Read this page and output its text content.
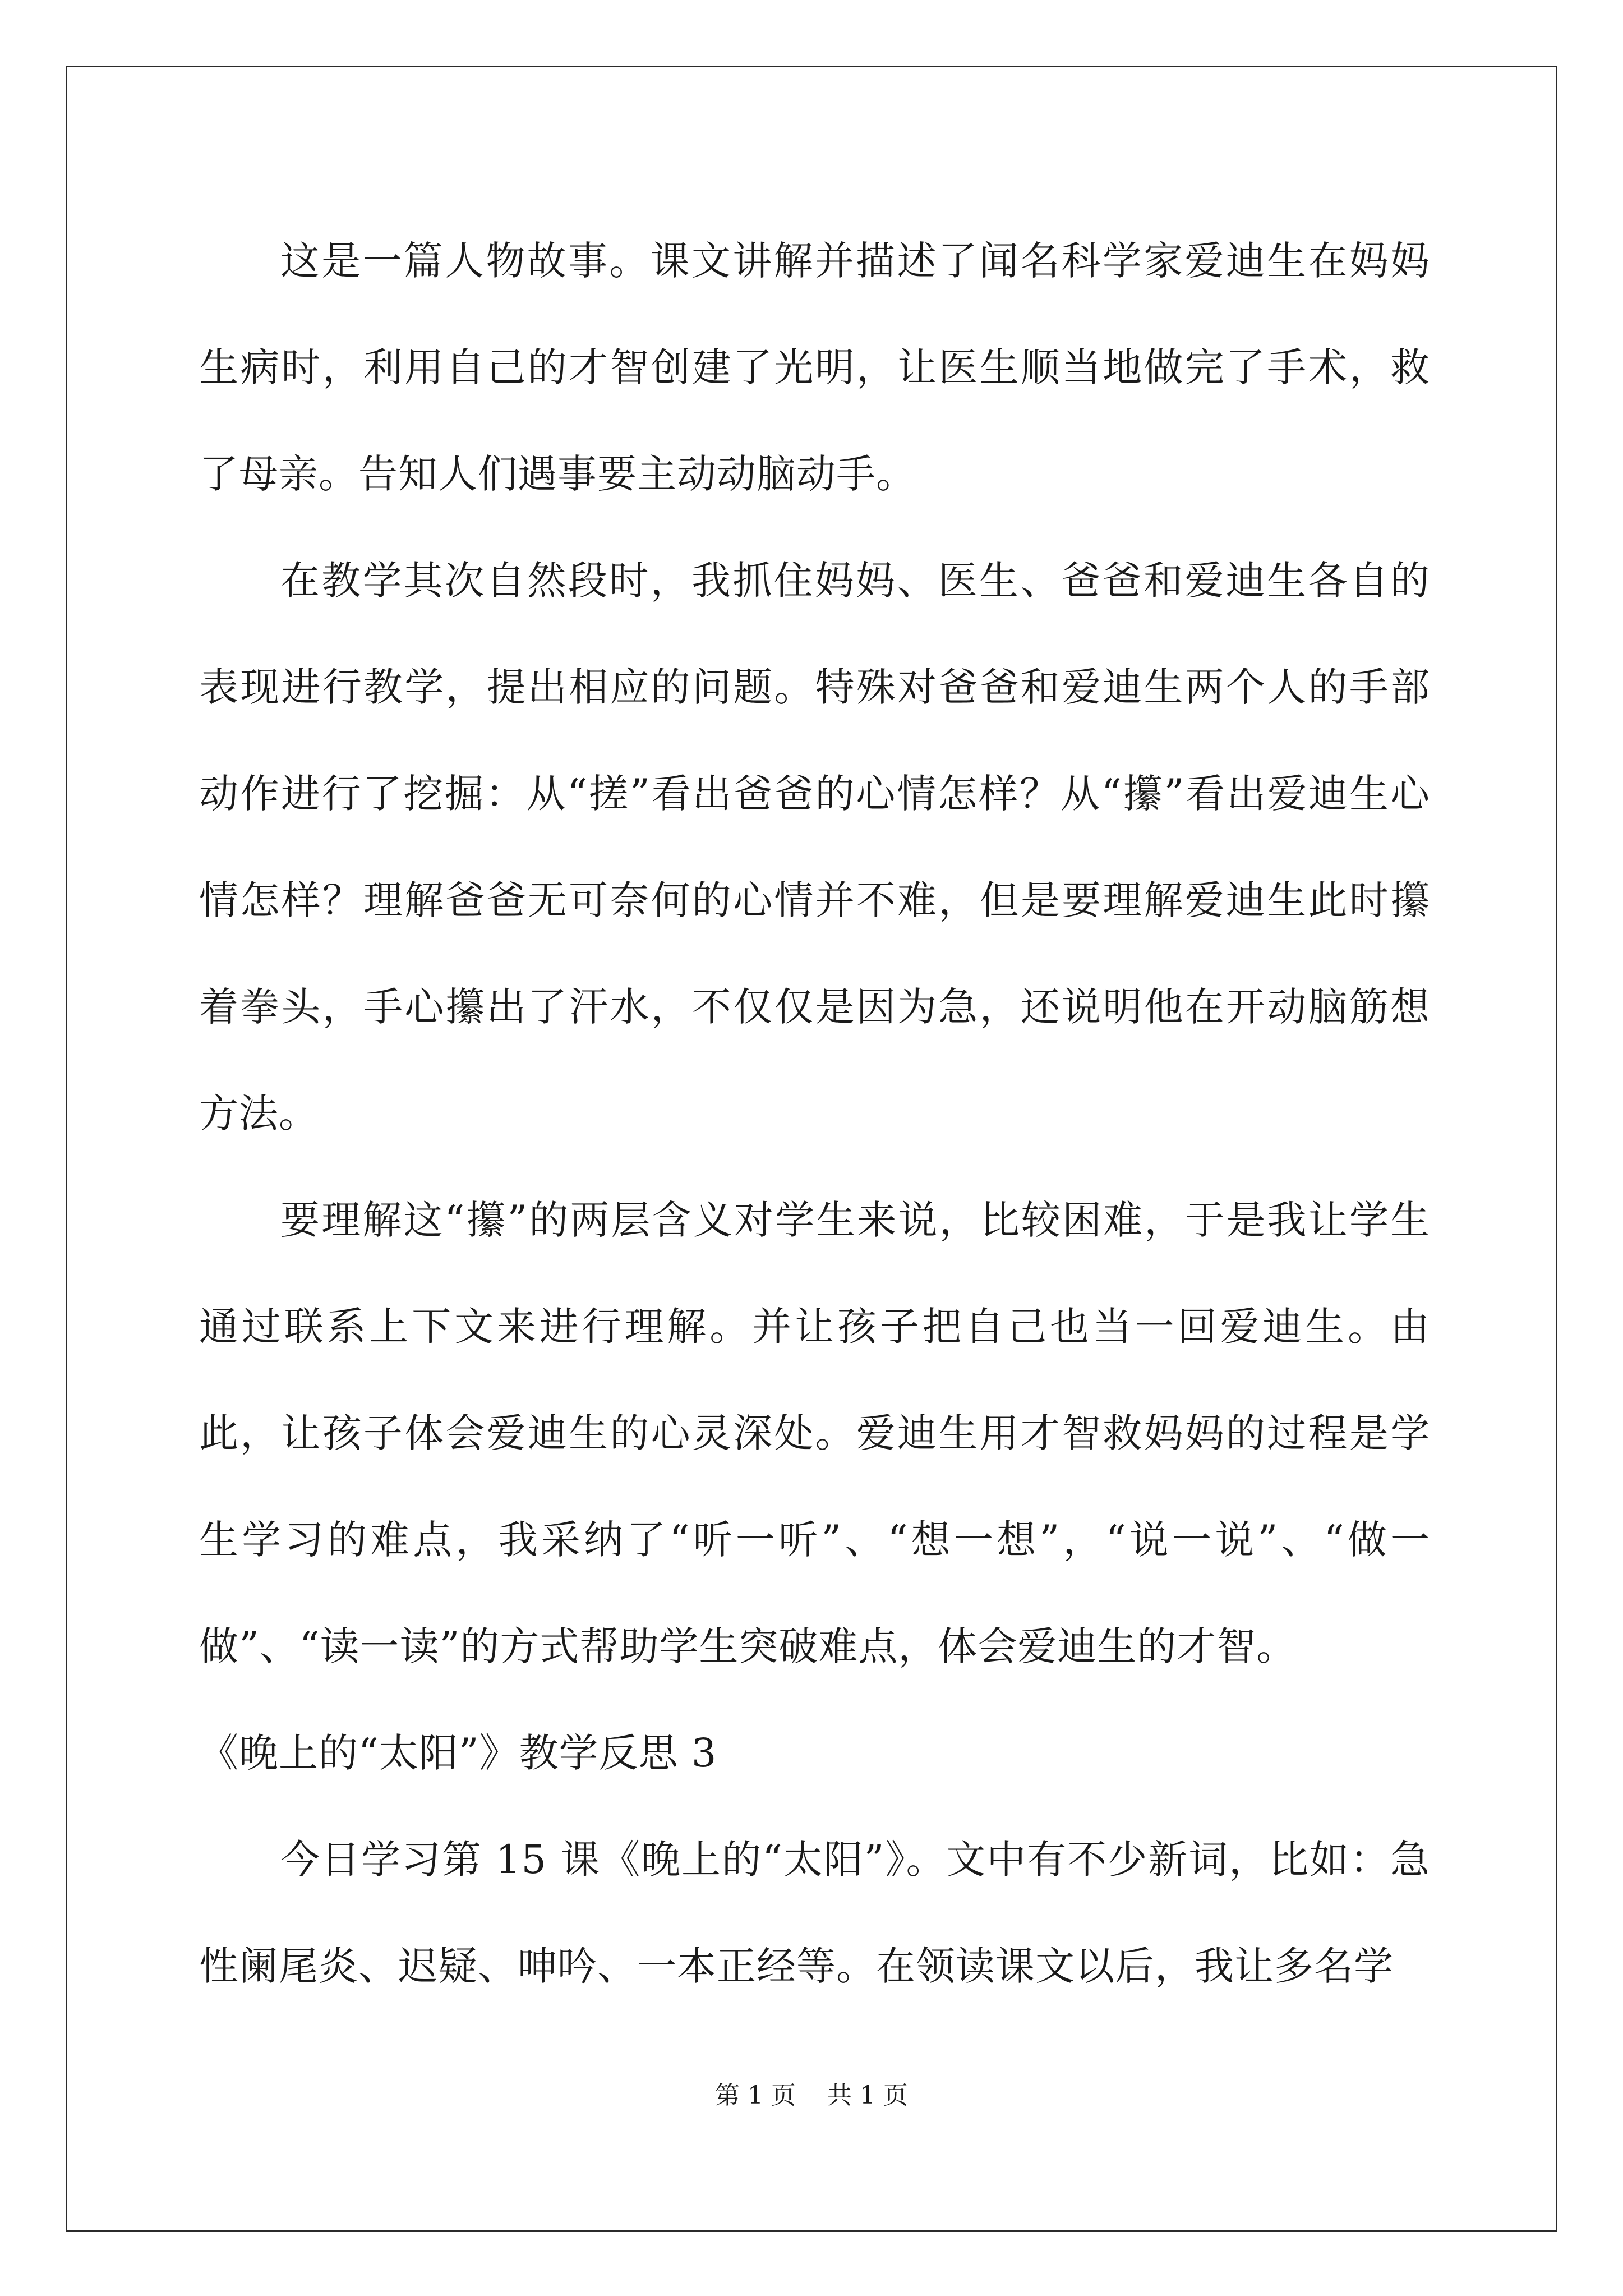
这是一篇人物故事。课文讲解并描述了闻名科学家爱迪生在妈妈生病时，利用自己的才智创建了光明，让医生顺当地做完了手术，救了母亲。告知人们遇事要主动动脑动手。

在教学其次自然段时，我抓住妈妈、医生、爸爸和爱迪生各自的表现进行教学，提出相应的问题。特殊对爸爸和爱迪生两个人的手部动作进行了挖掘：从“搓”看出爸爸的心情怎样？从“攥”看出爱迪生心情怎样？理解爸爸无可奈何的心情并不难，但是要理解爱迪生此时攥着拳头，手心攥出了汗水，不仅仅是因为急，还说明他在开动脑筋想方法。

要理解这“攥”的两层含义对学生来说，比较困难，于是我让学生通过联系上下文来进行理解。并让孩子把自己也当一回爱迪生。由此，让孩子体会爱迪生的心灵深处。爱迪生用才智救妈妈的过程是学生学习的难点，我采纳了“听一听”、“想一想”，“说一说”、“做一做”、“读一读”的方式帮助学生突破难点，体会爱迪生的才智。

《晚上的“太阳”》教学反思 3

今日学习第 15 课《晚上的“太阳”》。文中有不少新词，比如：急性阑尾炎、迟疑、呻吟、一本正经等。在领读课文以后，我让多名学

第 1 页 共 1 页
